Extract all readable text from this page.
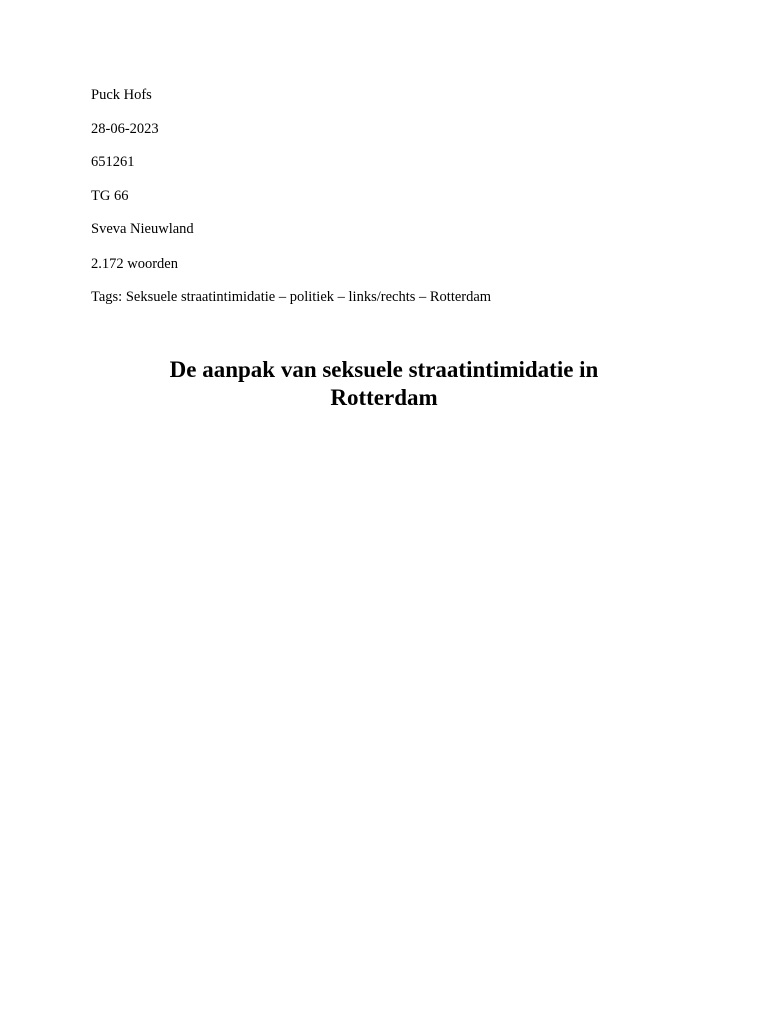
Puck Hofs

28-06-2023

651261

TG 66

Sveva Nieuwland

2.172 woorden

Tags: Seksuele straatintimidatie – politiek – links/rechts – Rotterdam

De aanpak van seksuele straatintimidatie in
Rotterdam
